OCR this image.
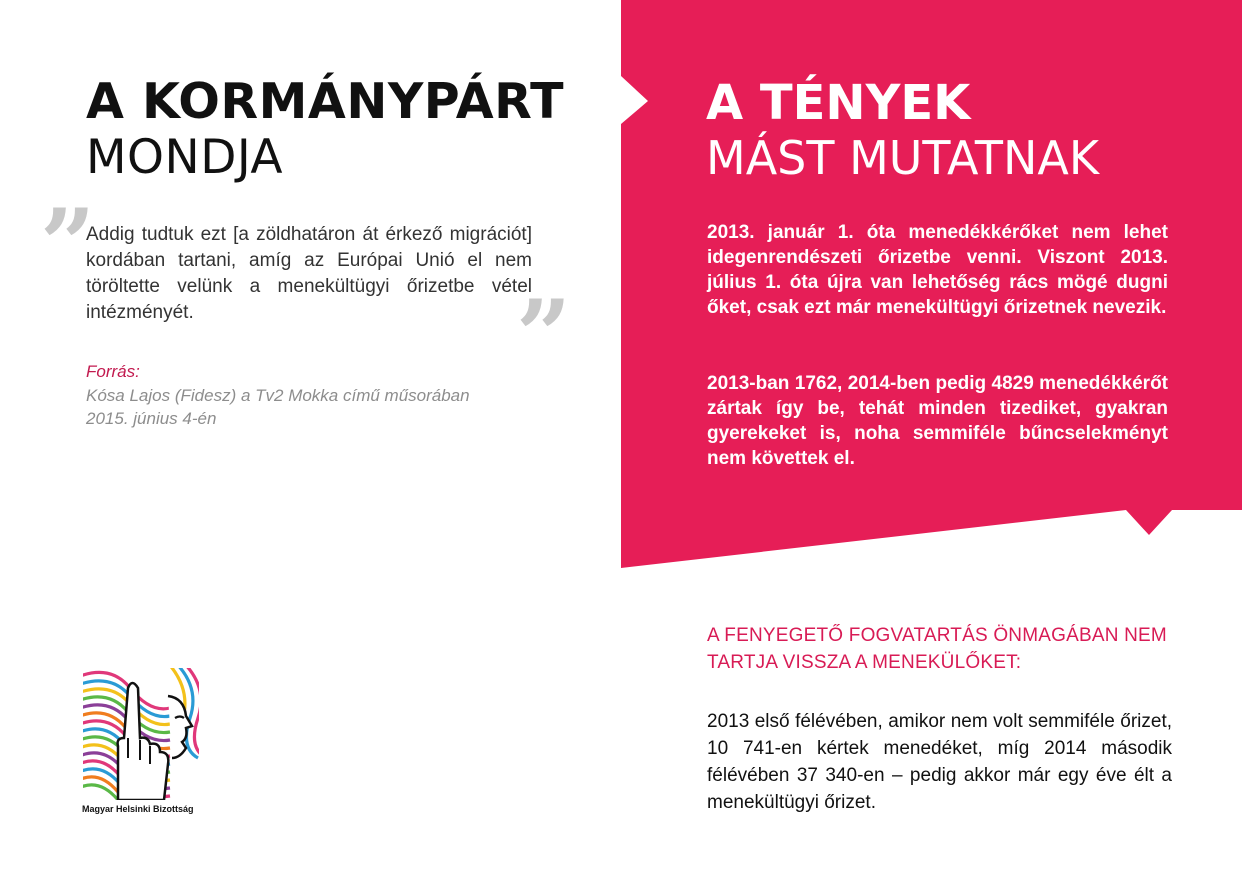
A KORMÁNYPÁRT
MONDJA
”

Addig tudtuk ezt [a zöldhatáron át érkező migrációt] kordában tartani, amíg az Európai Unió el nem töröltette velünk a menekültügyi őrizetbe vétel intézményét.	”
Forrás:
Kósa Lajos (Fidesz) a Tv2 Mokka című műsorában 2015. június 4-én
Magyar Helsinki Bizottság
A TÉNYEK
MÁST MUTATNAK

2013. január 1. óta menedékkérőket nem lehet idegenrendészeti őrizetbe venni. Viszont 2013. július 1. óta újra van lehetőség rács mögé dugni őket, csak ezt már menekültügyi őrizetnek nevezik.

2013-ban 1762, 2014-ben pedig 4829 menedékkérőt zártak így be, tehát minden tizediket, gyakran gyerekeket is, noha semmiféle bűncselekményt nem követtek el.

A FENYEGETŐ FOGVATARTÁS ÖNMAGÁBAN NEM TARTJA VISSZA A MENEKÜLŐKET:

2013 első félévében, amikor nem volt semmiféle őrizet, 10 741-en kértek menedéket, míg 2014 második félévében 37 340-en – pedig akkor már egy éve élt a menekültügyi őrizet.
